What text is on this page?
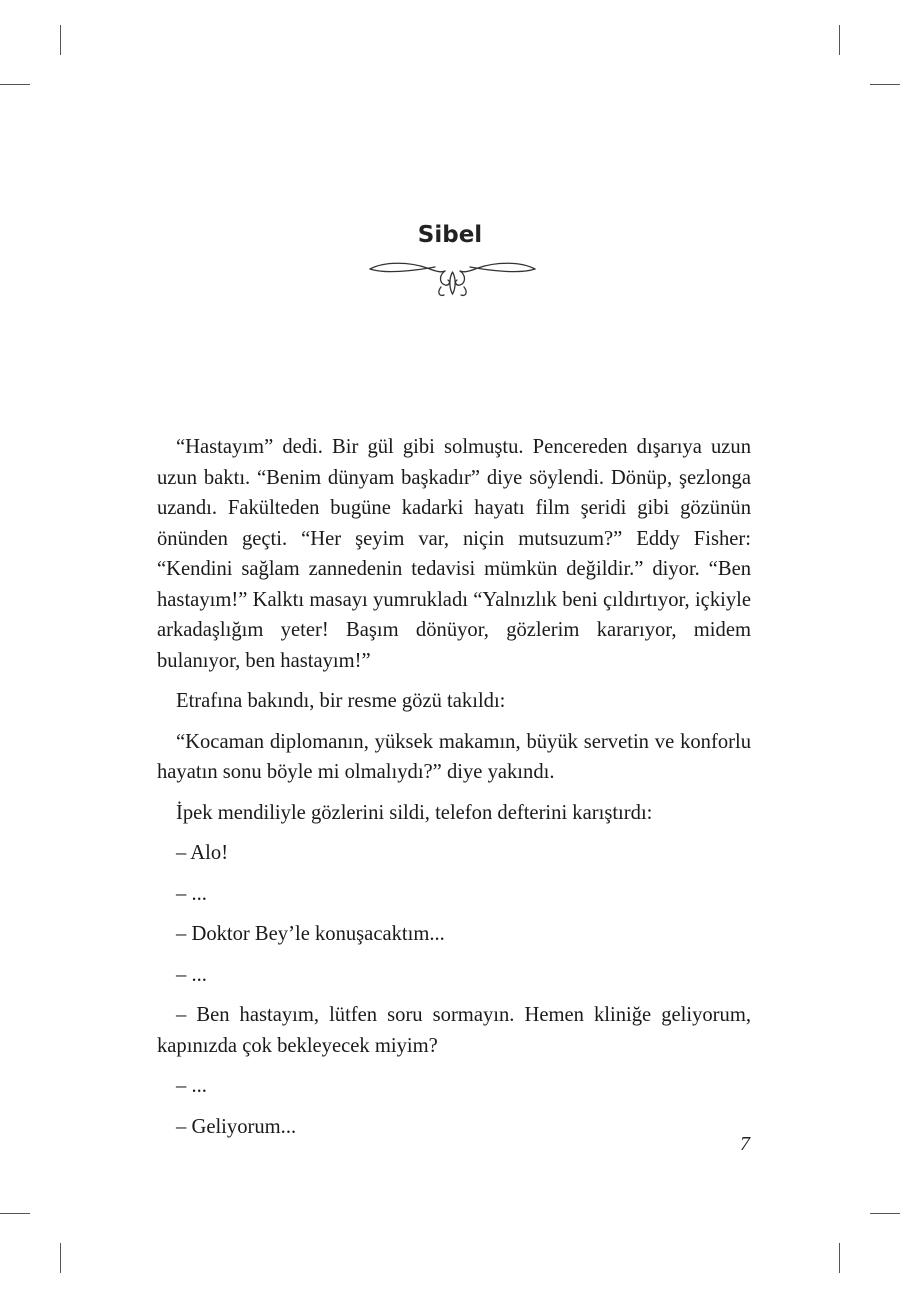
Sibel

“Hastayım” dedi. Bir gül gibi solmuştu. Pencereden dışarıya uzun uzun baktı. “Benim dünyam başkadır” diye söylendi. Dönüp, şezlonga uzandı. Fakülteden bugüne kadarki hayatı film şeridi gibi gözünün önünden geçti. “Her şeyim var, niçin mutsuzum?” Eddy Fisher: “Kendini sağlam zannedenin tedavisi mümkün değildir.” diyor. “Ben hastayım!” Kalktı masayı yumrukladı “Yalnızlık beni çıldırtıyor, içkiyle arkadaşlığım yeter! Başım dönüyor, gözlerim kararıyor, midem bulanıyor, ben hastayım!”

Etrafına bakındı, bir resme gözü takıldı:

“Kocaman diplomanın, yüksek makamın, büyük servetin ve konforlu hayatın sonu böyle mi olmalıydı?” diye yakındı.

İpek mendiliyle gözlerini sildi, telefon defterini karıştırdı:

– Alo!

– ...

– Doktor Bey’le konuşacaktım...

– ...

– Ben hastayım, lütfen soru sormayın. Hemen kliniğe geliyorum, kapınızda çok bekleyecek miyim?

– ...

– Geliyorum...

7
